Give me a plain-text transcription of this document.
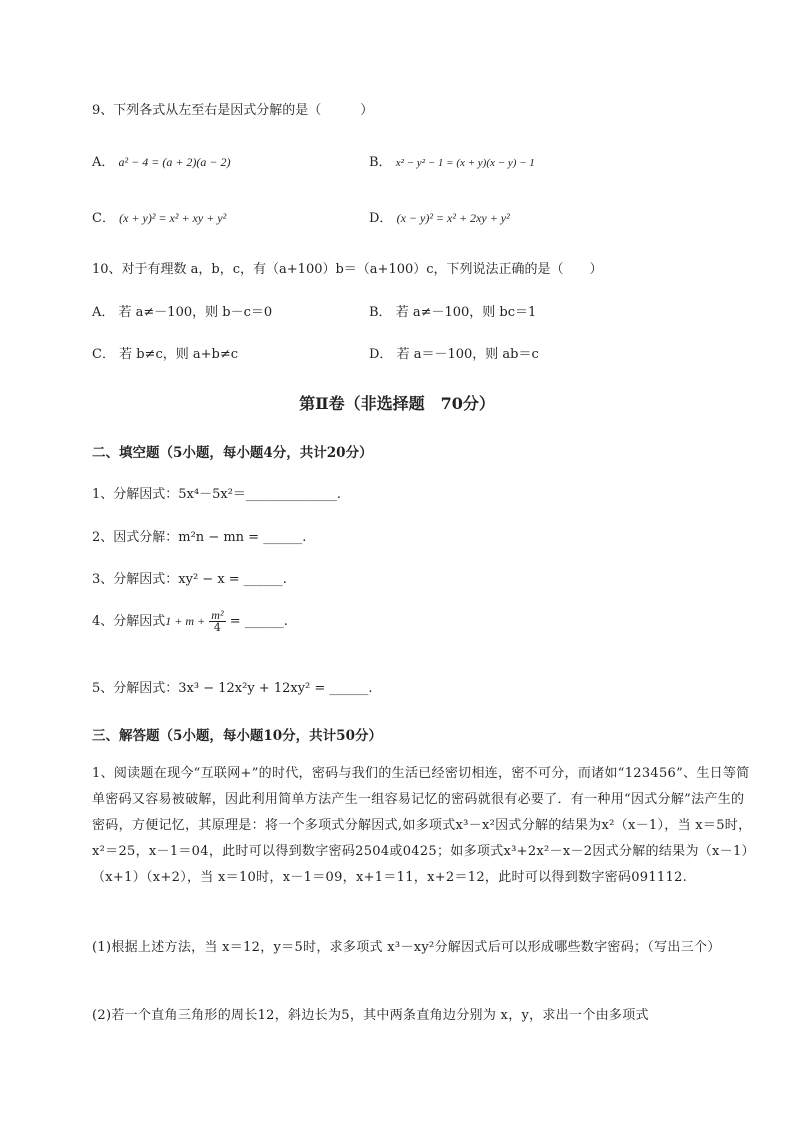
9、下列各式从左至右是因式分解的是（　　　）
A． a² − 4 = (a + 2)(a − 2)	B． x² − y² − 1 = (x + y)(x − y) − 1
C． (x + y)² = x² + xy + y²	D． (x − y)² = x² + 2xy + y²
10、对于有理数 a，b，c，有（a+100）b＝（a+100）c，下列说法正确的是（　　）
A． 若 a≠－100，则 b－c＝0	B． 若 a≠－100，则 bc＝1
C． 若 b≠c，则 a+b≠c	D． 若 a＝－100，则 ab＝c
第Ⅱ卷（非选择题　70分）
二、填空题（5小题，每小题4分，共计20分）
1、分解因式：5x⁴－5x²＝______________.
2、因式分解：m²n − mn = ______.
3、分解因式：xy² − x = ______.
4、分解因式$1 + m + \frac{\text{m²}}{4}$ = ______.
5、分解因式：3x³ − 12x²y + 12xy² = ______.
三、解答题（5小题，每小题10分，共计50分）
1、阅读题在现今“互联网+”的时代，密码与我们的生活已经密切相连，密不可分，而诸如“123456”、生日等简单密码又容易被破解，因此利用简单方法产生一组容易记忆的密码就很有必要了．有一种用“因式分解”法产生的密码，方便记忆，其原理是：将一个多项式分解因式,如多项式x³－x²因式分解的结果为x²（x－1），当 x＝5时，x²＝25，x－1＝04，此时可以得到数字密码2504或0425；如多项式x³+2x²－x－2因式分解的结果为（x－1）（x+1）（x+2），当 x＝10时，x－1＝09，x+1＝11，x+2＝12，此时可以得到数字密码091112.
(1)根据上述方法，当 x＝12，y＝5时，求多项式 x³－xy²分解因式后可以形成哪些数字密码；（写出三个）
(2)若一个直角三角形的周长12，斜边长为5，其中两条直角边分别为 x，y，求出一个由多项式
